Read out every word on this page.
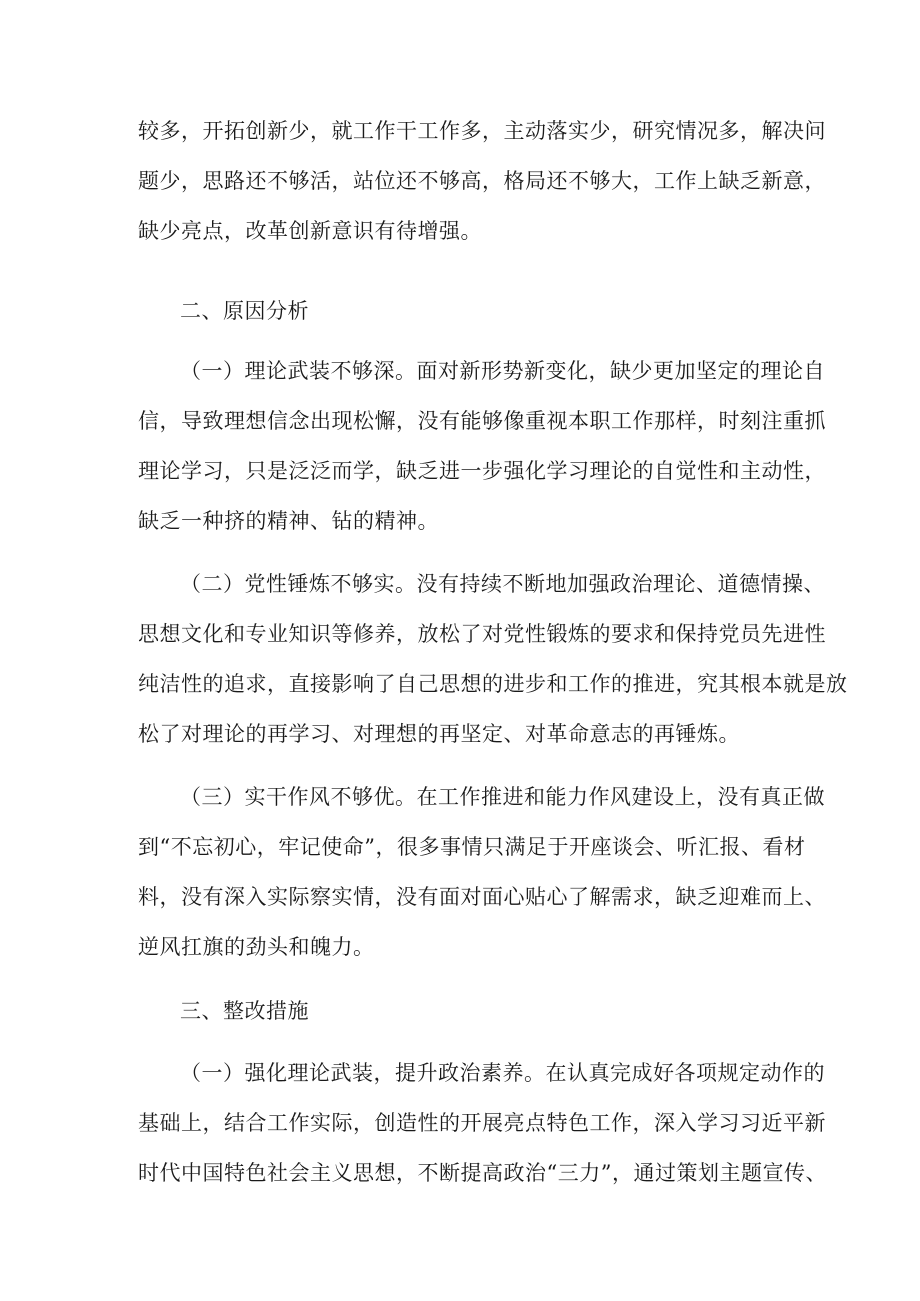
较多，开拓创新少，就工作干工作多，主动落实少，研究情况多，解决问

题少，思路还不够活，站位还不够高，格局还不够大，工作上缺乏新意，

缺少亮点，改革创新意识有待增强。

二、原因分析

（一）理论武装不够深。面对新形势新变化，缺少更加坚定的理论自

信，导致理想信念出现松懈，没有能够像重视本职工作那样，时刻注重抓

理论学习，只是泛泛而学，缺乏进一步强化学习理论的自觉性和主动性，

缺乏一种挤的精神、钻的精神。

（二）党性锤炼不够实。没有持续不断地加强政治理论、道德情操、

思想文化和专业知识等修养，放松了对党性锻炼的要求和保持党员先进性

纯洁性的追求，直接影响了自己思想的进步和工作的推进，究其根本就是放

松了对理论的再学习、对理想的再坚定、对革命意志的再锤炼。

（三）实干作风不够优。在工作推进和能力作风建设上，没有真正做

到“不忘初心，牢记使命”，很多事情只满足于开座谈会、听汇报、看材

料，没有深入实际察实情，没有面对面心贴心了解需求，缺乏迎难而上、

逆风扛旗的劲头和魄力。

三、整改措施

（一）强化理论武装，提升政治素养。在认真完成好各项规定动作的

基础上，结合工作实际，创造性的开展亮点特色工作，深入学习习近平新

时代中国特色社会主义思想，不断提高政治“三力”，通过策划主题宣传、
